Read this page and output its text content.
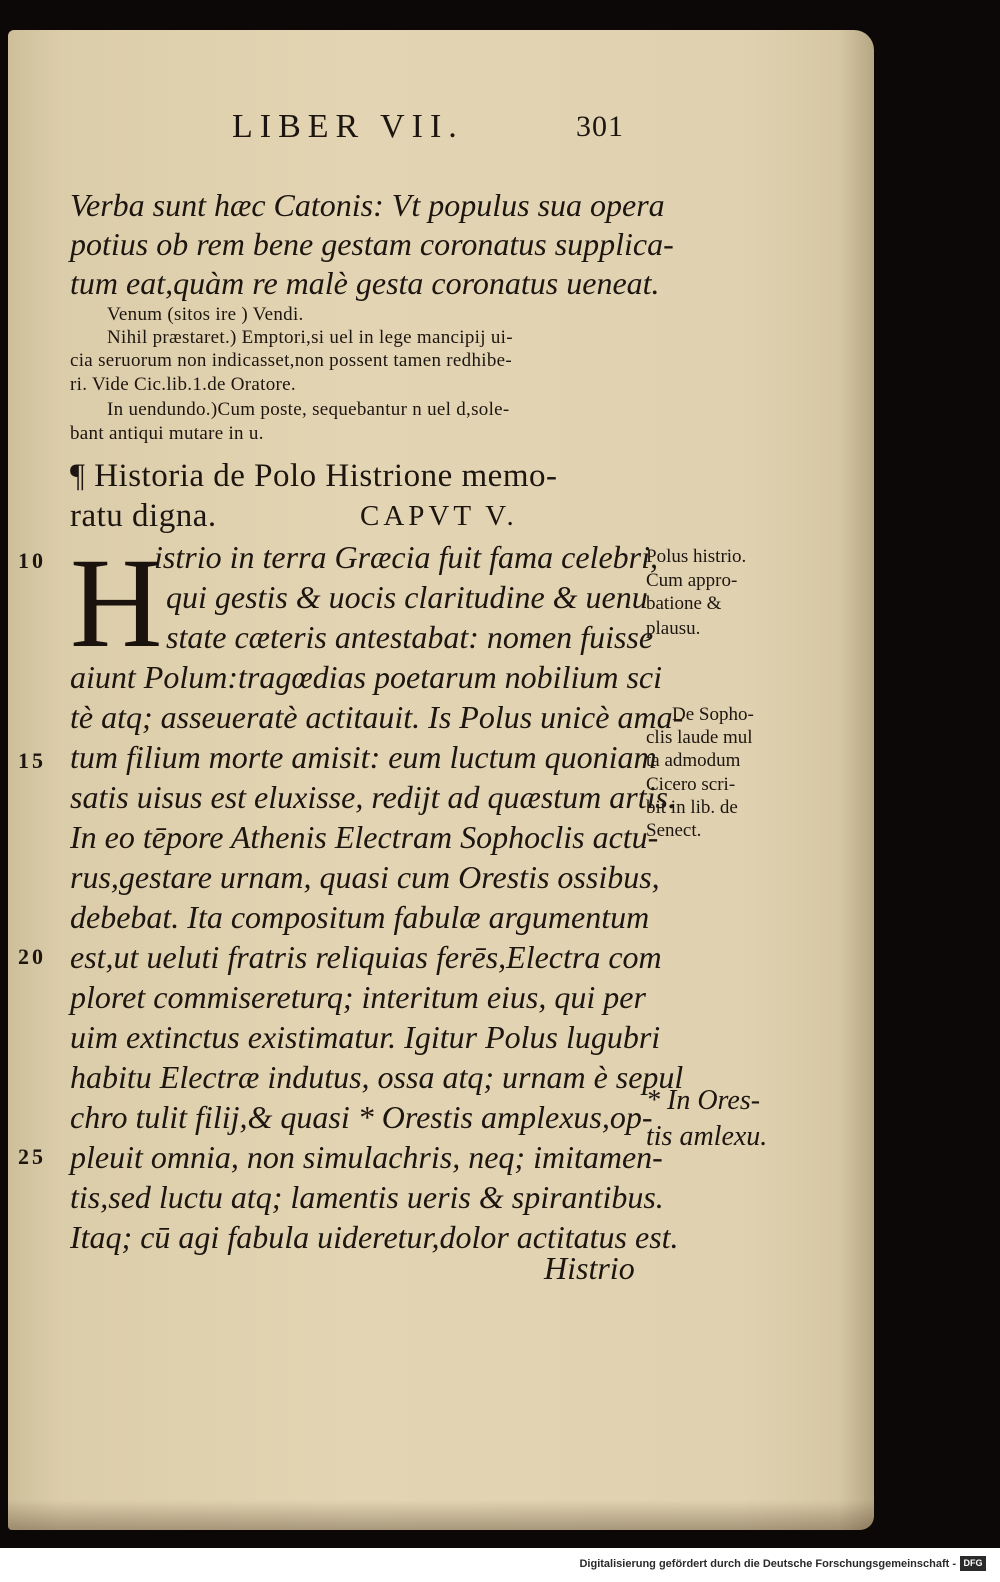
LIBER VII.	301
Verba sunt hæc Catonis: Vt populus sua opera
potius ob rem bene gestam coronatus supplica-
tum eat,quàm re malè gesta coronatus ueneat.
Venum (sitos ire ) Vendi.
Nihil præstaret.) Emptori,si uel in lege mancipij ui-
cia seruorum non indicasset,non possent tamen redhibe-
ri. Vide Cic.lib.1.de Oratore.
In uendundo.)Cum poste, sequebantur n uel d,sole-
bant antiqui mutare in u.
¶ Historia de Polo Histrione memo-
ratu digna.	CAPVT V.
H
istrio in terra Græcia fuit fama celebri,
qui gestis & uocis claritudine & uenu
state cæteris antestabat: nomen fuisse
aiunt Polum:tragœdias poetarum nobilium sci
tè atq; asseueratè actitauit. Is Polus unicè ama-
tum filium morte amisit: eum luctum quoniam
satis uisus est eluxisse, rediјt ad quæstum artis.
In eo tēpore Athenis Electram Sophoclis actu-
rus,gestare urnam, quasi cum Orestis ossibus,
debebat. Ita compositum fabulæ argumentum
est,ut ueluti fratris reliquias ferēs,Electra com
ploret commisereturq; interitum eius, qui per
uim extinctus existimatur. Igitur Polus lugubri
habitu Electræ indutus, ossa atq; urnam è sepul
chro tulit filij,& quasi * Orestis amplexus,op-
pleuit omnia, non simulachris, neq; imitamen-
tis,sed luctu atq; lamentis ueris & spirantibus.
Itaq; cū agi fabula uideretur,dolor actitatus est.
Histrio
10
15
20
25
Polus histrio.
Cum appro-
batione &
plausu.
De Sopho-
clis laude mul
ta admodum
Cicero scri-
bit in lib. de
Senect.
* In Ores-
tis amlexu.
Digitalisierung gefördert durch die Deutsche Forschungsgemeinschaft - DFG
